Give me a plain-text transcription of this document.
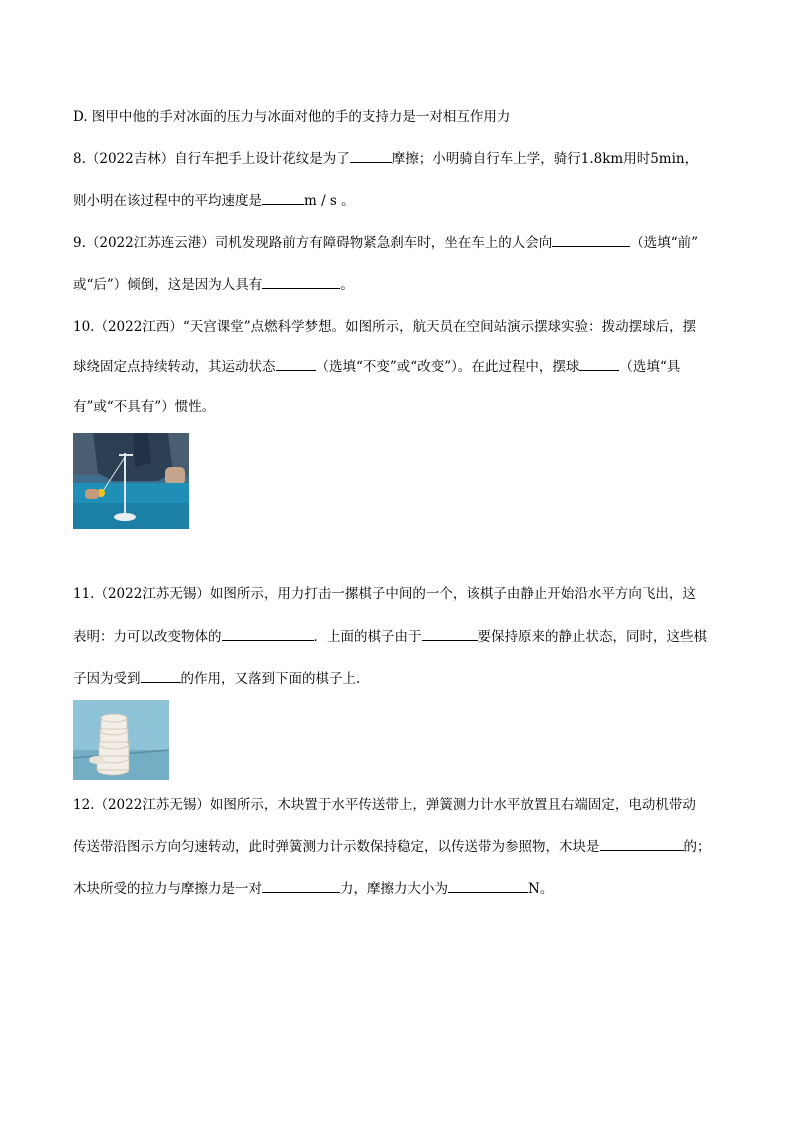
D. 图甲中他的手对冰面的压力与冰面对他的手的支持力是一对相互作用力
8.（2022吉林）自行车把手上设计花纹是为了	摩擦；小明骑自行车上学，骑行1.8km用时5min，
则小明在该过程中的平均速度是	m / s 。
9.（2022江苏连云港）司机发现路前方有障碍物紧急刹车时，坐在车上的人会向	（选填“前”
或“后”）倾倒，这是因为人具有	。
10.（2022江西）“天宫课堂”点燃科学梦想。如图所示，航天员在空间站演示摆球实验：拨动摆球后，摆
球绕固定点持续转动，其运动状态	（选填“不变”或“改变”）。在此过程中，摆球	（选填“具
有”或“不具有”）惯性。
11.（2022江苏无锡）如图所示，用力打击一摞棋子中间的一个，该棋子由静止开始沿水平方向飞出，这
表明：力可以改变物体的	．上面的棋子由于	要保持原来的静止状态，同时，这些棋
子因为受到	的作用，又落到下面的棋子上.
12.（2022江苏无锡）如图所示，木块置于水平传送带上，弹簧测力计水平放置且右端固定，电动机带动
传送带沿图示方向匀速转动，此时弹簧测力计示数保持稳定，以传送带为参照物，木块是	的；
木块所受的拉力与摩擦力是一对	力，摩擦力大小为	N。
